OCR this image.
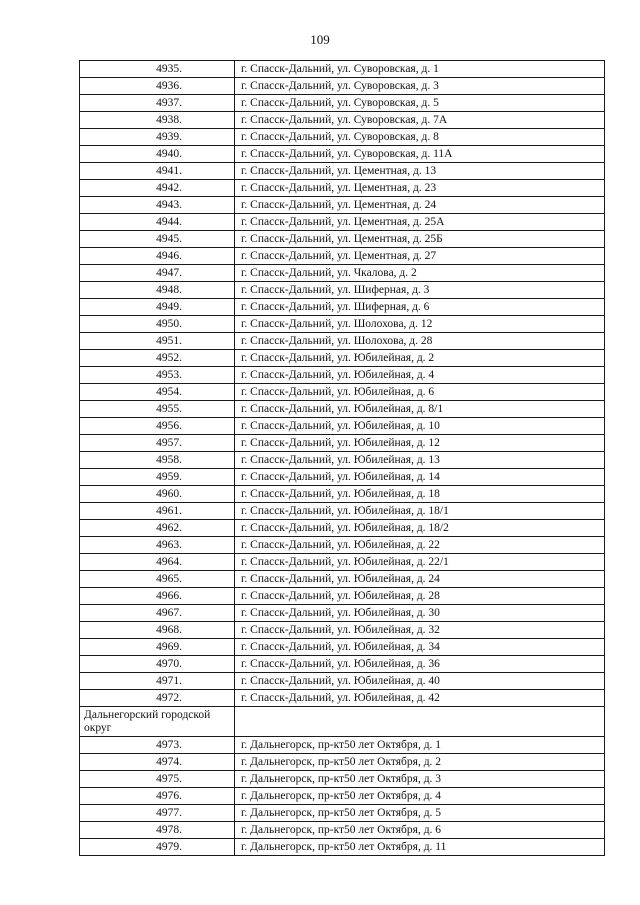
109
4935.	г. Спасск-Дальний, ул. Суворовская, д. 1
4936.	г. Спасск-Дальний, ул. Суворовская, д. 3
4937.	г. Спасск-Дальний, ул. Суворовская, д. 5
4938.	г. Спасск-Дальний, ул. Суворовская, д. 7А
4939.	г. Спасск-Дальний, ул. Суворовская, д. 8
4940.	г. Спасск-Дальний, ул. Суворовская, д. 11А
4941.	г. Спасск-Дальний, ул. Цементная, д. 13
4942.	г. Спасск-Дальний, ул. Цементная, д. 23
4943.	г. Спасск-Дальний, ул. Цементная, д. 24
4944.	г. Спасск-Дальний, ул. Цементная, д. 25А
4945.	г. Спасск-Дальний, ул. Цементная, д. 25Б
4946.	г. Спасск-Дальний, ул. Цементная, д. 27
4947.	г. Спасск-Дальний, ул. Чкалова, д. 2
4948.	г. Спасск-Дальний, ул. Шиферная, д. 3
4949.	г. Спасск-Дальний, ул. Шиферная, д. 6
4950.	г. Спасск-Дальний, ул. Шолохова, д. 12
4951.	г. Спасск-Дальний, ул. Шолохова, д. 28
4952.	г. Спасск-Дальний, ул. Юбилейная, д. 2
4953.	г. Спасск-Дальний, ул. Юбилейная, д. 4
4954.	г. Спасск-Дальний, ул. Юбилейная, д. 6
4955.	г. Спасск-Дальний, ул. Юбилейная, д. 8/1
4956.	г. Спасск-Дальний, ул. Юбилейная, д. 10
4957.	г. Спасск-Дальний, ул. Юбилейная, д. 12
4958.	г. Спасск-Дальний, ул. Юбилейная, д. 13
4959.	г. Спасск-Дальний, ул. Юбилейная, д. 14
4960.	г. Спасск-Дальний, ул. Юбилейная, д. 18
4961.	г. Спасск-Дальний, ул. Юбилейная, д. 18/1
4962.	г. Спасск-Дальний, ул. Юбилейная, д. 18/2
4963.	г. Спасск-Дальний, ул. Юбилейная, д. 22
4964.	г. Спасск-Дальний, ул. Юбилейная, д. 22/1
4965.	г. Спасск-Дальний, ул. Юбилейная, д. 24
4966.	г. Спасск-Дальний, ул. Юбилейная, д. 28
4967.	г. Спасск-Дальний, ул. Юбилейная, д. 30
4968.	г. Спасск-Дальний, ул. Юбилейная, д. 32
4969.	г. Спасск-Дальний, ул. Юбилейная, д. 34
4970.	г. Спасск-Дальний, ул. Юбилейная, д. 36
4971.	г. Спасск-Дальний, ул. Юбилейная, д. 40
4972.	г. Спасск-Дальний, ул. Юбилейная, д. 42
Дальнегорский городской округ	
4973.	г. Дальнегорск, пр-кт50 лет Октября, д. 1
4974.	г. Дальнегорск, пр-кт50 лет Октября, д. 2
4975.	г. Дальнегорск, пр-кт50 лет Октября, д. 3
4976.	г. Дальнегорск, пр-кт50 лет Октября, д. 4
4977.	г. Дальнегорск, пр-кт50 лет Октября, д. 5
4978.	г. Дальнегорск, пр-кт50 лет Октября, д. 6
4979.	г. Дальнегорск, пр-кт50 лет Октября, д. 11
